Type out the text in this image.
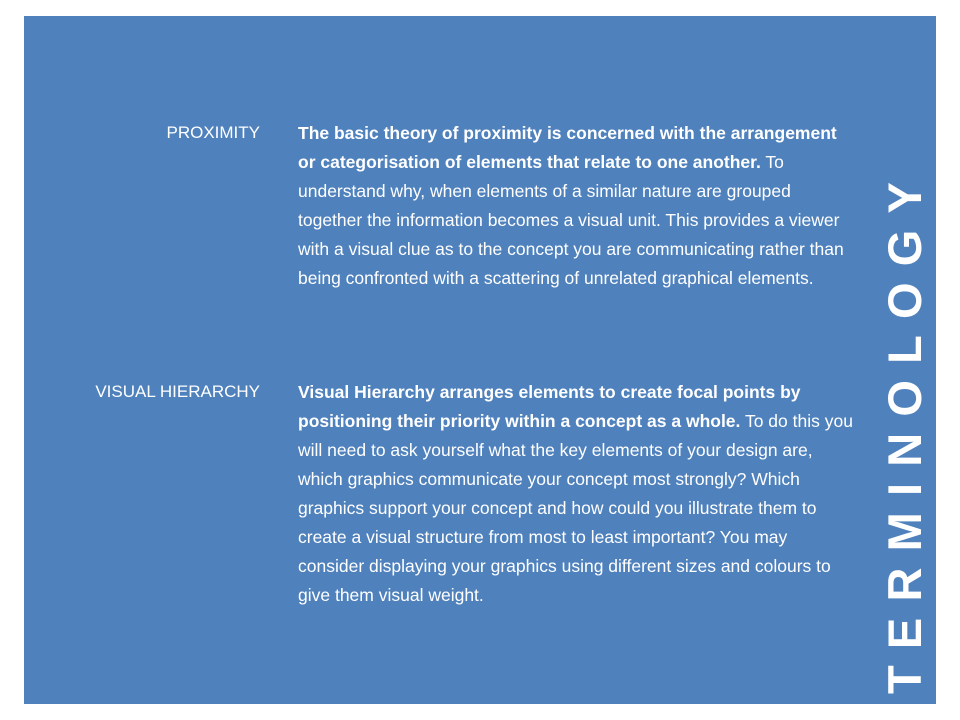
PROXIMITY The basic theory of proximity is concerned with the arrangement or categorisation of elements that relate to one another. To understand why, when elements of a similar nature are grouped together the information becomes a visual unit. This provides a viewer with a visual clue as to the concept you are communicating rather than being confronted with a scattering of unrelated graphical elements.
VISUAL HIERARCHY Visual Hierarchy arranges elements to create focal points by positioning their priority within a concept as a whole. To do this you will need to ask yourself what the key elements of your design are, which graphics communicate your concept most strongly? Which graphics support your concept and how could you illustrate them to create a visual structure from most to least important? You may consider displaying your graphics using different sizes and colours to give them visual weight.	TERMINOLOGY
